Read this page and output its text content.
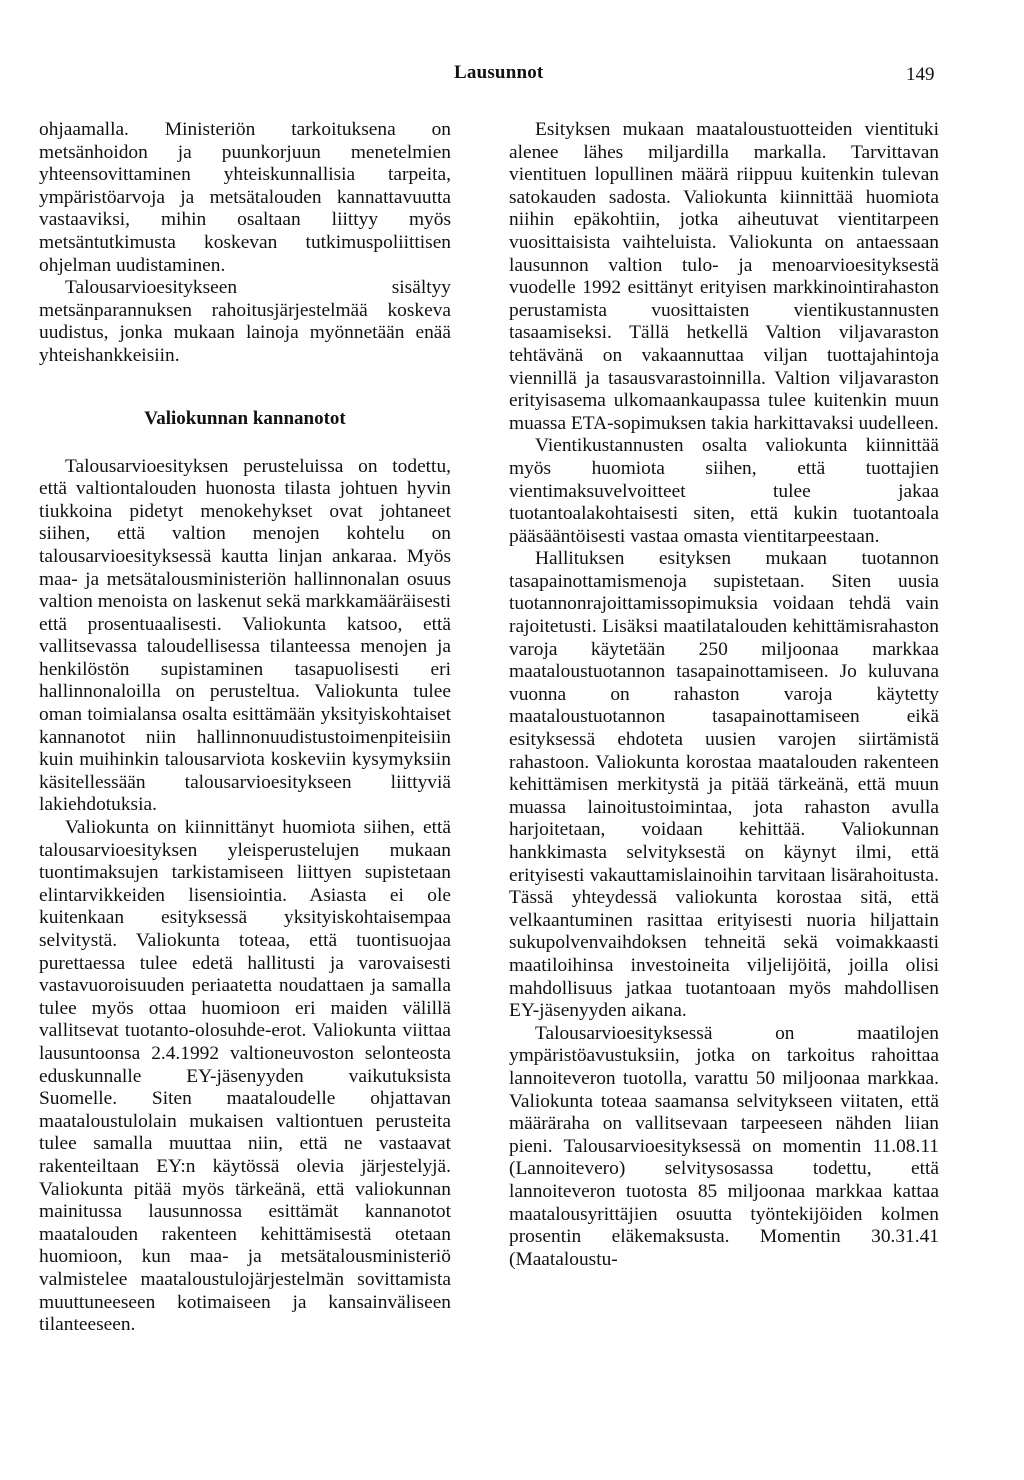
Lausunnot	149

ohjaamalla. Ministeriön tarkoituksena on metsänhoidon ja puunkorjuun menetelmien yhteensovittaminen yhteiskunnallisia tarpeita, ympäristöarvoja ja metsätalouden kannattavuutta vastaaviksi, mihin osaltaan liittyy myös metsäntutkimusta koskevan tutkimuspoliittisen ohjelman uudistaminen.

Talousarvioesitykseen sisältyy metsänparannuksen rahoitusjärjestelmää koskeva uudistus, jonka mukaan lainoja myönnetään enää yhteishankkeisiin.

Valiokunnan kannanotot

Talousarvioesityksen perusteluissa on todettu, että valtiontalouden huonosta tilasta johtuen hyvin tiukkoina pidetyt menokehykset ovat johtaneet siihen, että valtion menojen kohtelu on talousarvioesityksessä kautta linjan ankaraa. Myös maa- ja metsätalousministeriön hallinnonalan osuus valtion menoista on laskenut sekä markkamääräisesti että prosentuaalisesti. Valiokunta katsoo, että vallitsevassa taloudellisessa tilanteessa menojen ja henkilöstön supistaminen tasapuolisesti eri hallinnonaloilla on perusteltua. Valiokunta tulee oman toimialansa osalta esittämään yksityiskohtaiset kannanotot niin hallinnonuudistustoimenpiteisiin kuin muihinkin talousarviota koskeviin kysymyksiin käsitellessään talousarvioesitykseen liittyviä lakiehdotuksia.

Valiokunta on kiinnittänyt huomiota siihen, että talousarvioesityksen yleisperustelujen mukaan tuontimaksujen tarkistamiseen liittyen supistetaan elintarvikkeiden lisensiointia. Asiasta ei ole kuitenkaan esityksessä yksityiskohtaisempaa selvitystä. Valiokunta toteaa, että tuontisuojaa purettaessa tulee edetä hallitusti ja varovaisesti vastavuoroisuuden periaatetta noudattaen ja samalla tulee myös ottaa huomioon eri maiden välillä vallitsevat tuotanto-olosuhde-erot. Valiokunta viittaa lausuntoonsa 2.4.1992 valtioneuvoston selonteosta eduskunnalle EY-jäsenyyden vaikutuksista Suomelle. Siten maataloudelle ohjattavan maataloustulolain mukaisen valtiontuen perusteita tulee samalla muuttaa niin, että ne vastaavat rakenteiltaan EY:n käytössä olevia järjestelyjä. Valiokunta pitää myös tärkeänä, että valiokunnan mainitussa lausunnossa esittämät kannanotot maatalouden rakenteen kehittämisestä otetaan huomioon, kun maa- ja metsätalousministeriö valmistelee maataloustulojärjestelmän sovittamista muuttuneeseen kotimaiseen ja kansainväliseen tilanteeseen.

Esityksen mukaan maataloustuotteiden vientituki alenee lähes miljardilla markalla. Tarvittavan vientituen lopullinen määrä riippuu kuitenkin tulevan satokauden sadosta. Valiokunta kiinnittää huomiota niihin epäkohtiin, jotka aiheutuvat vientitarpeen vuosittaisista vaihteluista. Valiokunta on antaessaan lausunnon valtion tulo- ja menoarvioesityksestä vuodelle 1992 esittänyt erityisen markkinointirahaston perustamista vuosittaisten vientikustannusten tasaamiseksi. Tällä hetkellä Valtion viljavaraston tehtävänä on vakaannuttaa viljan tuottajahintoja viennillä ja tasausvarastoinnilla. Valtion viljavaraston erityisasema ulkomaankaupassa tulee kuitenkin muun muassa ETA-sopimuksen takia harkittavaksi uudelleen.

Vientikustannusten osalta valiokunta kiinnittää myös huomiota siihen, että tuottajien vientimaksuvelvoitteet tulee jakaa tuotantoalakohtaisesti siten, että kukin tuotantoala pääsääntöisesti vastaa omasta vientitarpeestaan.

Hallituksen esityksen mukaan tuotannon tasapainottamismenoja supistetaan. Siten uusia tuotannonrajoittamissopimuksia voidaan tehdä vain rajoitetusti. Lisäksi maatilatalouden kehittämisrahaston varoja käytetään 250 miljoonaa markkaa maataloustuotannon tasapainottamiseen. Jo kuluvana vuonna on rahaston varoja käytetty maataloustuotannon tasapainottamiseen eikä esityksessä ehdoteta uusien varojen siirtämistä rahastoon. Valiokunta korostaa maatalouden rakenteen kehittämisen merkitystä ja pitää tärkeänä, että muun muassa lainoitustoimintaa, jota rahaston avulla harjoitetaan, voidaan kehittää. Valiokunnan hankkimasta selvityksestä on käynyt ilmi, että erityisesti vakauttamislainoihin tarvitaan lisärahoitusta. Tässä yhteydessä valiokunta korostaa sitä, että velkaantuminen rasittaa erityisesti nuoria hiljattain sukupolvenvaihdoksen tehneitä sekä voimakkaasti maatiloihinsa investoineita viljelijöitä, joilla olisi mahdollisuus jatkaa tuotantoaan myös mahdollisen EY-jäsenyyden aikana.

Talousarvioesityksessä on maatilojen ympäristöavustuksiin, jotka on tarkoitus rahoittaa lannoiteveron tuotolla, varattu 50 miljoonaa markkaa. Valiokunta toteaa saamansa selvitykseen viitaten, että määräraha on vallitsevaan tarpeeseen nähden liian pieni. Talousarvioesityksessä on momentin 11.08.11 (Lannoitevero) selvitysosassa todettu, että lannoiteveron tuotosta 85 miljoonaa markkaa kattaa maatalousyrittäjien osuutta työntekijöiden kolmen prosentin eläkemaksusta. Momentin 30.31.41 (Maataloustu-
